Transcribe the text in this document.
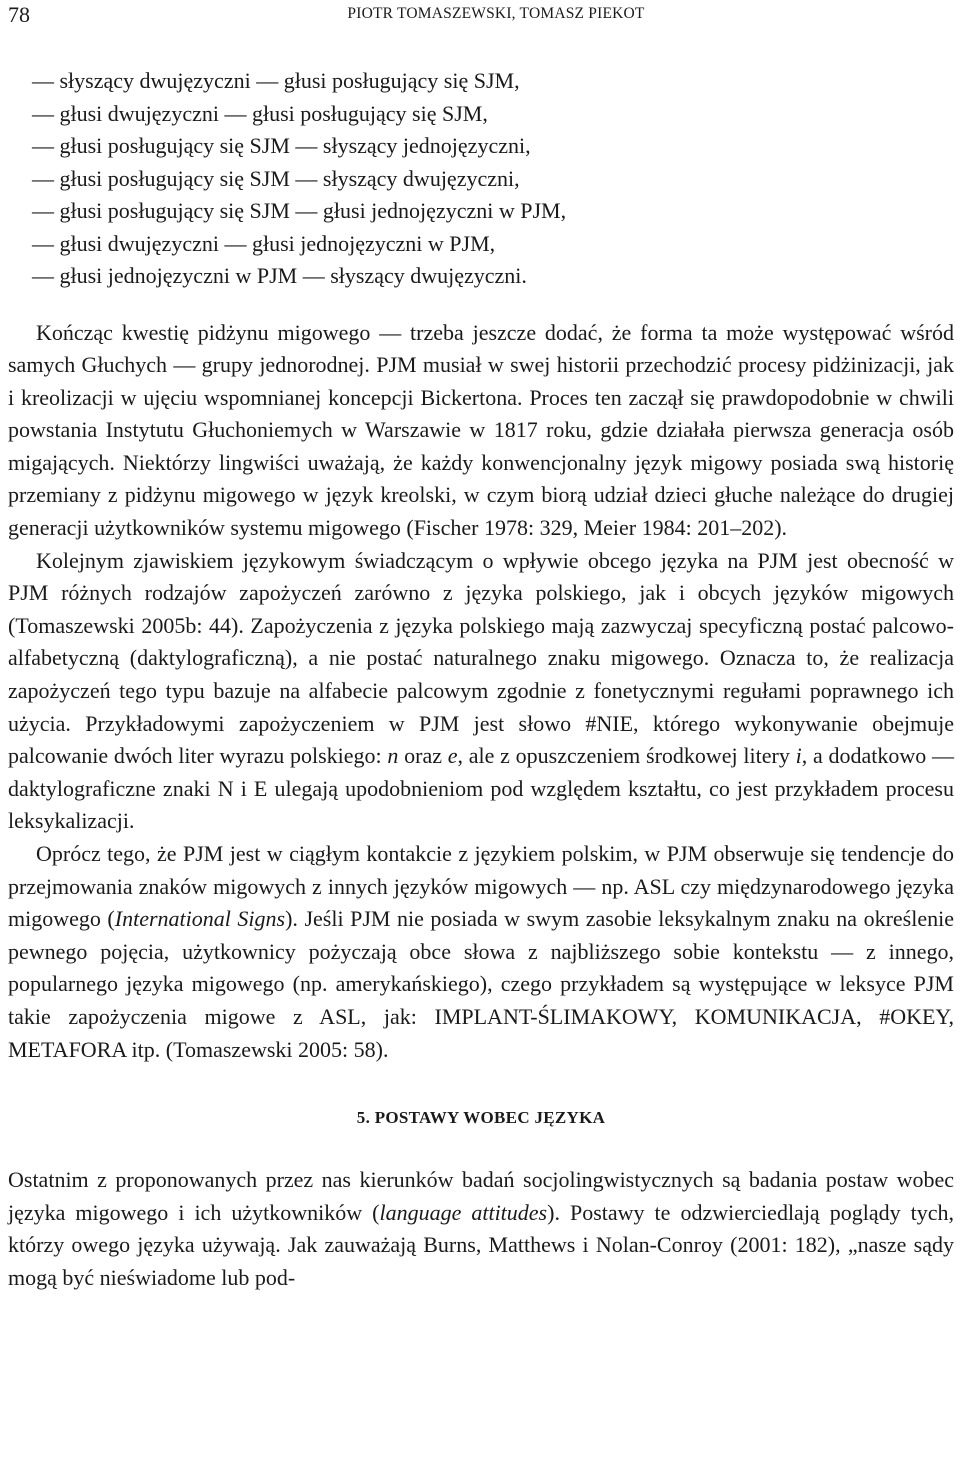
78	PIOTR TOMASZEWSKI, TOMASZ PIEKOT
— słyszący dwujęzyczni — głusi posługujący się SJM,
— głusi dwujęzyczni — głusi posługujący się SJM,
— głusi posługujący się SJM — słyszący jednojęzyczni,
— głusi posługujący się SJM — słyszący dwujęzyczni,
— głusi posługujący się SJM — głusi jednojęzyczni w PJM,
— głusi dwujęzyczni — głusi jednojęzyczni w PJM,
— głusi jednojęzyczni w PJM — słyszący dwujęzyczni.

Kończąc kwestię pidżynu migowego — trzeba jeszcze dodać, że forma ta może występować wśród samych Głuchych — grupy jednorodnej. PJM musiał w swej historii przechodzić procesy pidżinizacji, jak i kreolizacji w ujęciu wspomnianej koncepcji Bickertona. Proces ten zaczął się prawdopodobnie w chwili powstania Instytutu Głuchoniemych w Warszawie w 1817 roku, gdzie działała pierwsza generacja osób migających. Niektórzy lingwiści uważają, że każdy konwencjonalny język migowy posiada swą historię przemiany z pidżynu migowego w język kreolski, w czym biorą udział dzieci głuche należące do drugiej generacji użytkowników systemu migowego (Fischer 1978: 329, Meier 1984: 201–202).

Kolejnym zjawiskiem językowym świadczącym o wpływie obcego języka na PJM jest obecność w PJM różnych rodzajów zapożyczeń zarówno z języka polskiego, jak i obcych języków migowych (Tomaszewski 2005b: 44). Zapożyczenia z języka polskiego mają zazwyczaj specyficzną postać palcowo-alfabetyczną (daktylograficzną), a nie postać naturalnego znaku migowego. Oznacza to, że realizacja zapożyczeń tego typu bazuje na alfabecie palcowym zgodnie z fonetycznymi regułami poprawnego ich użycia. Przykładowymi zapożyczeniem w PJM jest słowo #NIE, którego wykonywanie obejmuje palcowanie dwóch liter wyrazu polskiego: n oraz e, ale z opuszczeniem środkowej litery i, a dodatkowo — daktylograficzne znaki N i E ulegają upodobnieniom pod względem kształtu, co jest przykładem procesu leksykalizacji.

Oprócz tego, że PJM jest w ciągłym kontakcie z językiem polskim, w PJM obserwuje się tendencje do przejmowania znaków migowych z innych języków migowych — np. ASL czy międzynarodowego języka migowego (International Signs). Jeśli PJM nie posiada w swym zasobie leksykalnym znaku na określenie pewnego pojęcia, użytkownicy pożyczają obce słowa z najbliższego sobie kontekstu — z innego, popularnego języka migowego (np. amerykańskiego), czego przykładem są występujące w leksyce PJM takie zapożyczenia migowe z ASL, jak: IMPLANT-ŚLIMAKOWY, KOMUNIKACJA, #OKEY, METAFORA itp. (Tomaszewski 2005: 58).

5. POSTAWY WOBEC JĘZYKA

Ostatnim z proponowanych przez nas kierunków badań socjolingwistycznych są badania postaw wobec języka migowego i ich użytkowników (language attitudes). Postawy te odzwierciedlają poglądy tych, którzy owego języka używają. Jak zauważają Burns, Matthews i Nolan-Conroy (2001: 182), „nasze sądy mogą być nieświadome lub pod-
